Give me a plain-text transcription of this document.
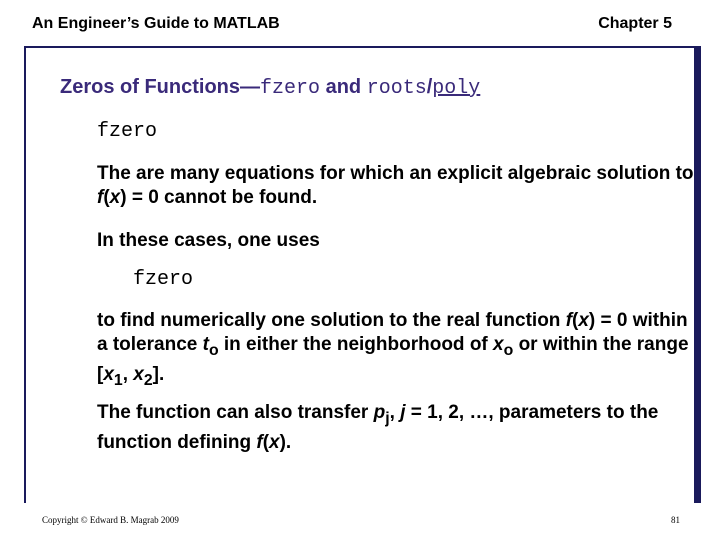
An Engineer’s Guide to MATLAB	Chapter 5
Zeros of Functions—fzero and roots/poly
fzero
The are many equations for which an explicit algebraic solution to f(x) = 0 cannot be found.
In these cases, one uses
fzero
to find numerically one solution to the real function f(x) = 0 within a tolerance $t_o$ in either the neighborhood of $x_o$ or within the range [$x_1$, $x_2$].
The function can also transfer $p_j$, j = 1, 2, …, parameters to the function defining f(x).
Copyright © Edward B. Magrab 2009	81
